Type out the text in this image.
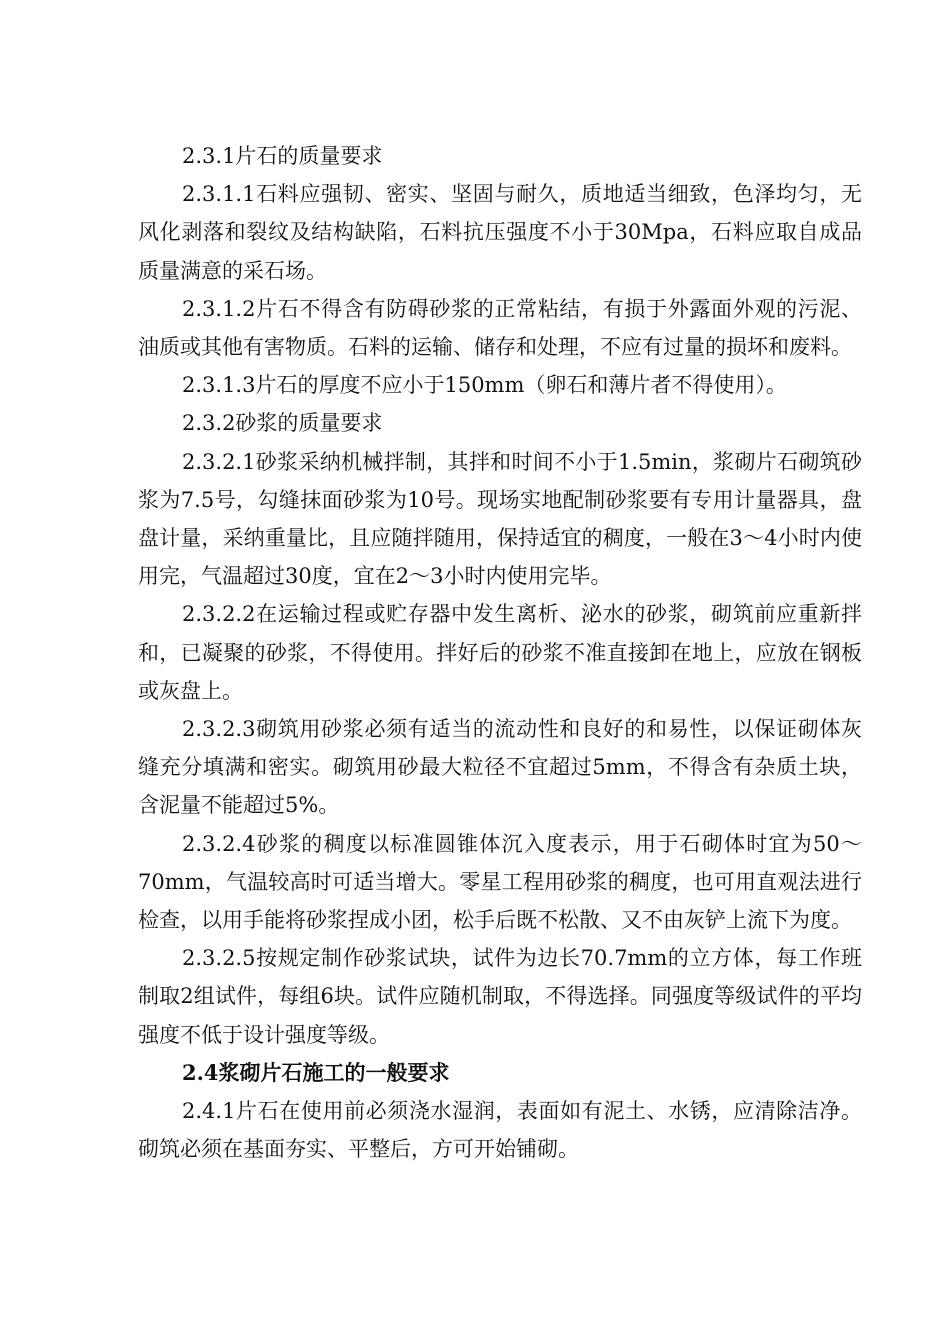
2.3.1片石的质量要求

2.3.1.1石料应强韧、密实、坚固与耐久，质地适当细致，色泽均匀，无风化剥落和裂纹及结构缺陷，石料抗压强度不小于30Mpa，石料应取自成品质量满意的采石场。

2.3.1.2片石不得含有防碍砂浆的正常粘结，有损于外露面外观的污泥、油质或其他有害物质。石料的运输、储存和处理，不应有过量的损坏和废料。

2.3.1.3片石的厚度不应小于150mm（卵石和薄片者不得使用）。

2.3.2砂浆的质量要求

2.3.2.1砂浆采纳机械拌制，其拌和时间不小于1.5min，浆砌片石砌筑砂浆为7.5号，勾缝抹面砂浆为10号。现场实地配制砂浆要有专用计量器具，盘盘计量，采纳重量比，且应随拌随用，保持适宜的稠度，一般在3～4小时内使用完，气温超过30度，宜在2～3小时内使用完毕。

2.3.2.2在运输过程或贮存器中发生离析、泌水的砂浆，砌筑前应重新拌和，已凝聚的砂浆，不得使用。拌好后的砂浆不准直接卸在地上，应放在钢板或灰盘上。

2.3.2.3砌筑用砂浆必须有适当的流动性和良好的和易性，以保证砌体灰缝充分填满和密实。砌筑用砂最大粒径不宜超过5mm，不得含有杂质土块，含泥量不能超过5%。

2.3.2.4砂浆的稠度以标准圆锥体沉入度表示，用于石砌体时宜为50～70mm，气温较高时可适当增大。零星工程用砂浆的稠度，也可用直观法进行检查，以用手能将砂浆捏成小团，松手后既不松散、又不由灰铲上流下为度。

2.3.2.5按规定制作砂浆试块，试件为边长70.7mm的立方体，每工作班制取2组试件，每组6块。试件应随机制取，不得选择。同强度等级试件的平均强度不低于设计强度等级。

2.4浆砌片石施工的一般要求

2.4.1片石在使用前必须浇水湿润，表面如有泥土、水锈，应清除洁净。砌筑必须在基面夯实、平整后，方可开始铺砌。
